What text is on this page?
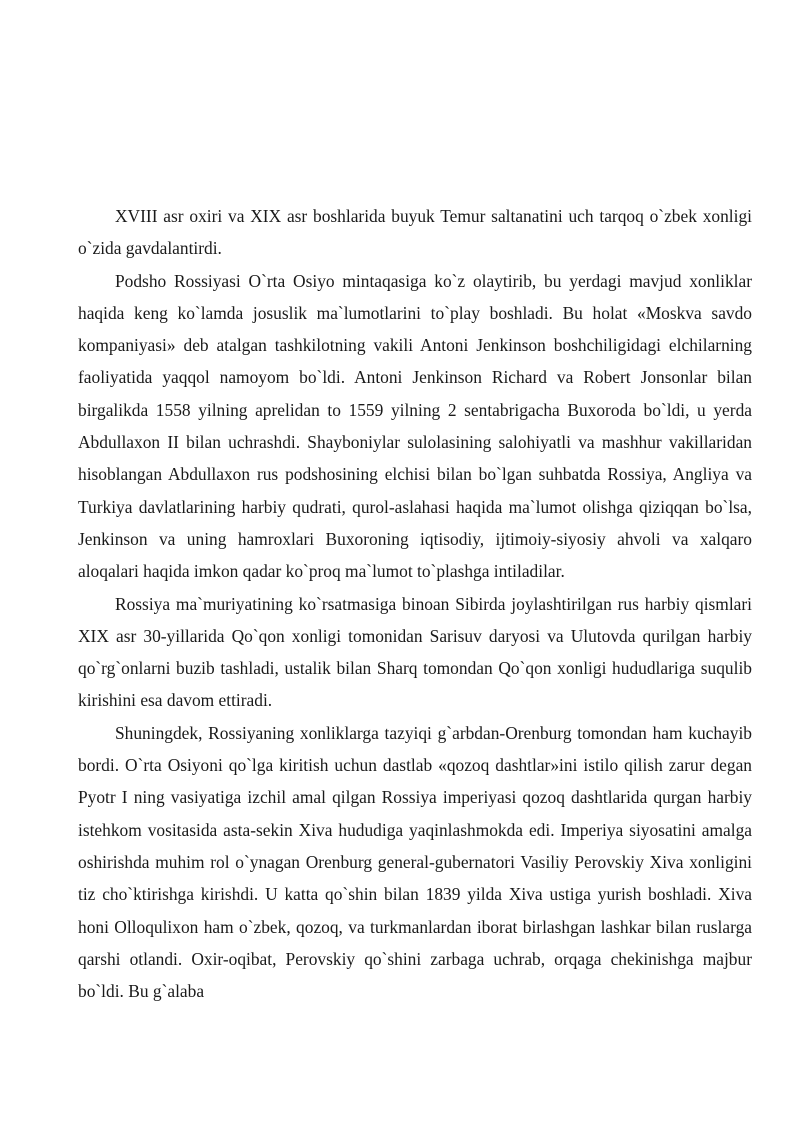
XVIII asr oxiri va XIX asr boshlarida buyuk Temur saltanatini uch tarqoq o`zbek xonligi o`zida gavdalantirdi.

Podsho Rossiyasi O`rta Osiyo mintaqasiga ko`z olaytirib, bu yerdagi mavjud xonliklar haqida keng ko`lamda josuslik ma`lumotlarini to`play boshladi. Bu holat «Moskva savdo kompaniyasi» deb atalgan tashkilotning vakili Antoni Jenkinson boshchiligidagi elchilarning faoliyatida yaqqol namoyom bo`ldi. Antoni Jenkinson Richard va Robert Jonsonlar bilan birgalikda 1558 yilning aprelidan to 1559 yilning 2 sentabrigacha Buxoroda bo`ldi, u yerda Abdullaxon II bilan uchrashdi. Shayboniylar sulolasining salohiyatli va mashhur vakillaridan hisoblangan Abdullaxon rus podshosining elchisi bilan bo`lgan suhbatda Rossiya, Angliya va Turkiya davlatlarining harbiy qudrati, qurol-aslahasi haqida ma`lumot olishga qiziqqan bo`lsa, Jenkinson va uning hamroxlari Buxoroning iqtisodiy, ijtimoiy-siyosiy ahvoli va xalqaro aloqalari haqida imkon qadar ko`proq ma`lumot to`plashga intiladilar.

Rossiya ma`muriyatining ko`rsatmasiga binoan Sibirda joylashtirilgan rus harbiy qismlari XIX asr 30-yillarida Qo`qon xonligi tomonidan Sarisuv daryosi va Ulutovda qurilgan harbiy qo`rg`onlarni buzib tashladi, ustalik bilan Sharq tomondan Qo`qon xonligi hududlariga suqulib kirishini esa davom ettiradi.

Shuningdek, Rossiyaning xonliklarga tazyiqi g`arbdan-Orenburg tomondan ham kuchayib bordi. O`rta Osiyoni qo`lga kiritish uchun dastlab «qozoq dashtlar»ini istilo qilish zarur degan Pyotr I ning vasiyatiga izchil amal qilgan Rossiya imperiyasi qozoq dashtlarida qurgan harbiy istehkom vositasida asta-sekin Xiva hududiga yaqinlashmokda edi. Imperiya siyosatini amalga oshirishda muhim rol o`ynagan Orenburg general-gubernatori Vasiliy Perovskiy Xiva xonligini tiz cho`ktirishga kirishdi. U katta qo`shin bilan 1839 yilda Xiva ustiga yurish boshladi. Xiva honi Olloqulixon ham o`zbek, qozoq, va turkmanlardan iborat birlashgan lashkar bilan ruslarga qarshi otlandi. Oxir-oqibat, Perovskiy qo`shini zarbaga uchrab, orqaga chekinishga majbur bo`ldi. Bu g`alaba
